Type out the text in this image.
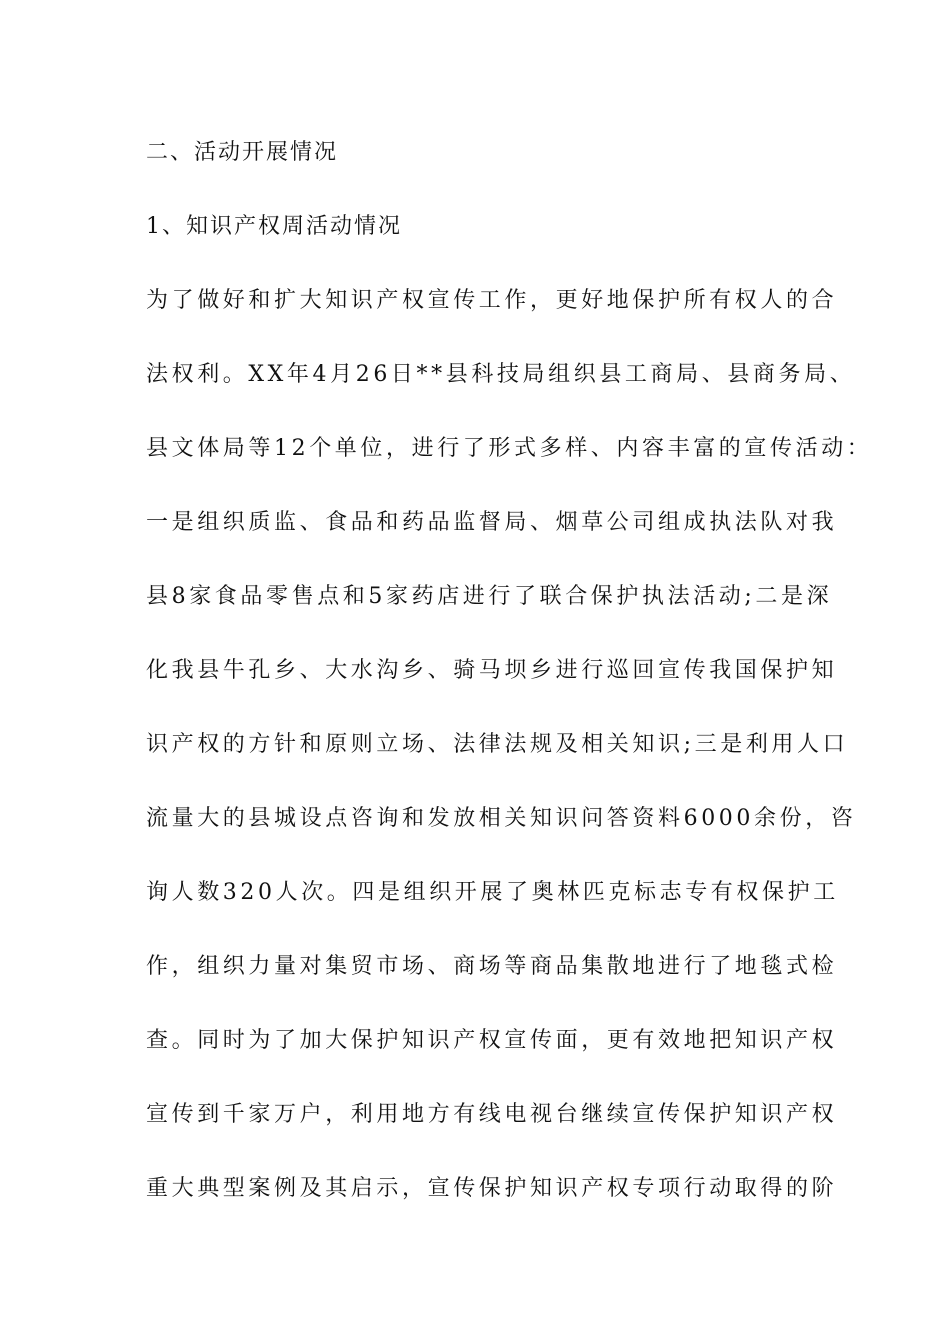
二、活动开展情况
1、知识产权周活动情况
为了做好和扩大知识产权宣传工作，更好地保护所有权人的合
法权利。XX年4月26日**县科技局组织县工商局、县商务局、
县文体局等12个单位，进行了形式多样、内容丰富的宣传活动：
一是组织质监、食品和药品监督局、烟草公司组成执法队对我
县8家食品零售点和5家药店进行了联合保护执法活动;二是深
化我县牛孔乡、大水沟乡、骑马坝乡进行巡回宣传我国保护知
识产权的方针和原则立场、法律法规及相关知识;三是利用人口
流量大的县城设点咨询和发放相关知识问答资料6000余份，咨
询人数320人次。四是组织开展了奥林匹克标志专有权保护工
作，组织力量对集贸市场、商场等商品集散地进行了地毯式检
查。同时为了加大保护知识产权宣传面，更有效地把知识产权
宣传到千家万户，利用地方有线电视台继续宣传保护知识产权
重大典型案例及其启示，宣传保护知识产权专项行动取得的阶
